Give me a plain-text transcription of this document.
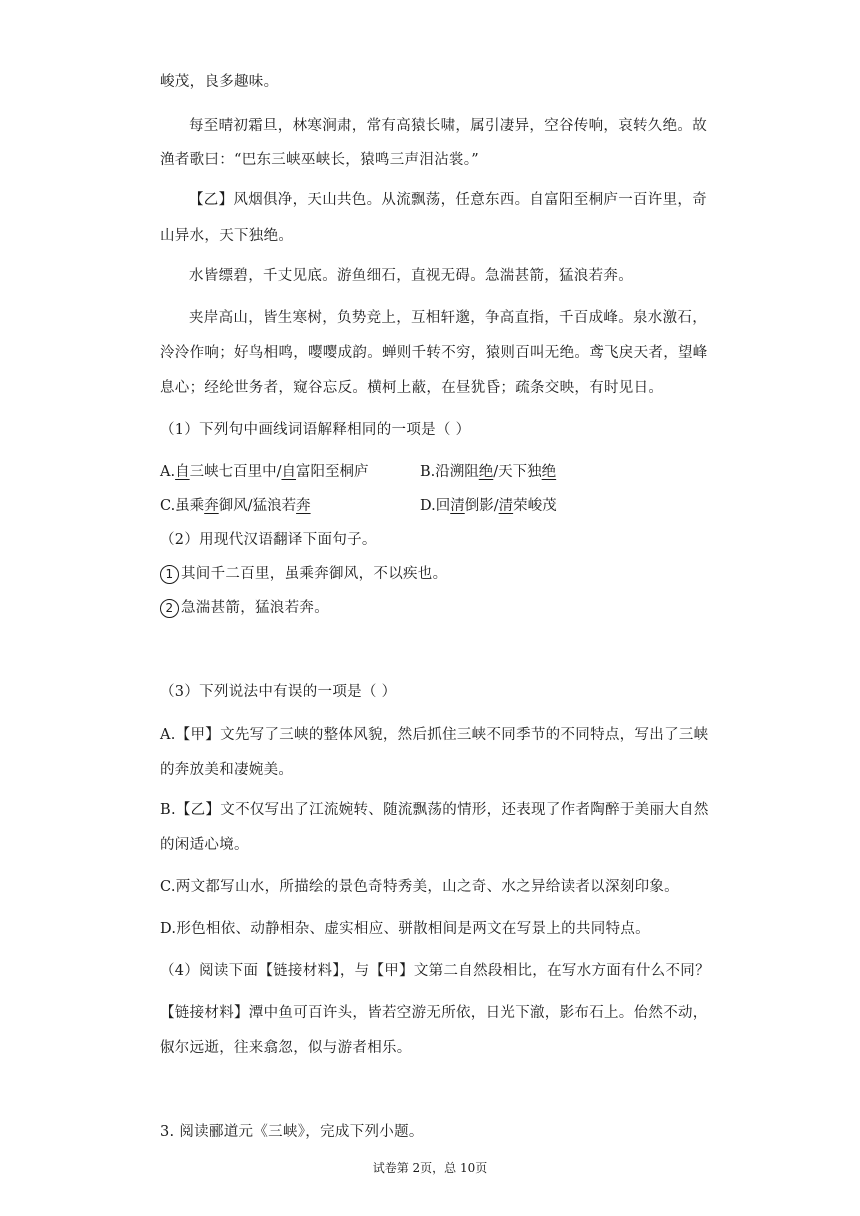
峻茂，良多趣味。
每至晴初霜旦，林寒涧肃，常有高猿长啸，属引凄异，空谷传响，哀转久绝。故
渔者歌曰：“巴东三峡巫峡长，猿鸣三声泪沾裳。”
【乙】风烟俱净，天山共色。从流飘荡，任意东西。自富阳至桐庐一百许里，奇
山异水，天下独绝。
水皆缥碧，千丈见底。游鱼细石，直视无碍。急湍甚箭，猛浪若奔。
夹岸高山，皆生寒树，负势竞上，互相轩邈，争高直指，千百成峰。泉水激石，
泠泠作响；好鸟相鸣，嘤嘤成韵。蝉则千转不穷，猿则百叫无绝。鸢飞戾天者，望峰
息心；经纶世务者，窥谷忘反。横柯上蔽，在昼犹昏；疏条交映，有时见日。
（1）下列句中画线词语解释相同的一项是（ ）
A.自三峡七百里中/自富阳至桐庐	B.沿溯阻绝/天下独绝
C.虽乘奔御风/猛浪若奔	D.回清倒影/清荣峻茂
（2）用现代汉语翻译下面句子。
1 其间千二百里，虽乘奔御风，不以疾也。
2 急湍甚箭，猛浪若奔。
（3）下列说法中有误的一项是（ ）
A.【甲】文先写了三峡的整体风貌，然后抓住三峡不同季节的不同特点，写出了三峡
的奔放美和凄婉美。
B.【乙】文不仅写出了江流婉转、随流飘荡的情形，还表现了作者陶醉于美丽大自然
的闲适心境。
C.两文都写山水，所描绘的景色奇特秀美，山之奇、水之异给读者以深刻印象。
D.形色相依、动静相杂、虚实相应、骈散相间是两文在写景上的共同特点。
（4）阅读下面【链接材料】，与【甲】文第二自然段相比，在写水方面有什么不同？
【链接材料】潭中鱼可百许头，皆若空游无所依，日光下澈，影布石上。佁然不动，
俶尔远逝，往来翕忽，似与游者相乐。
3. 阅读郦道元《三峡》，完成下列小题。
试卷第 2页，总 10页
